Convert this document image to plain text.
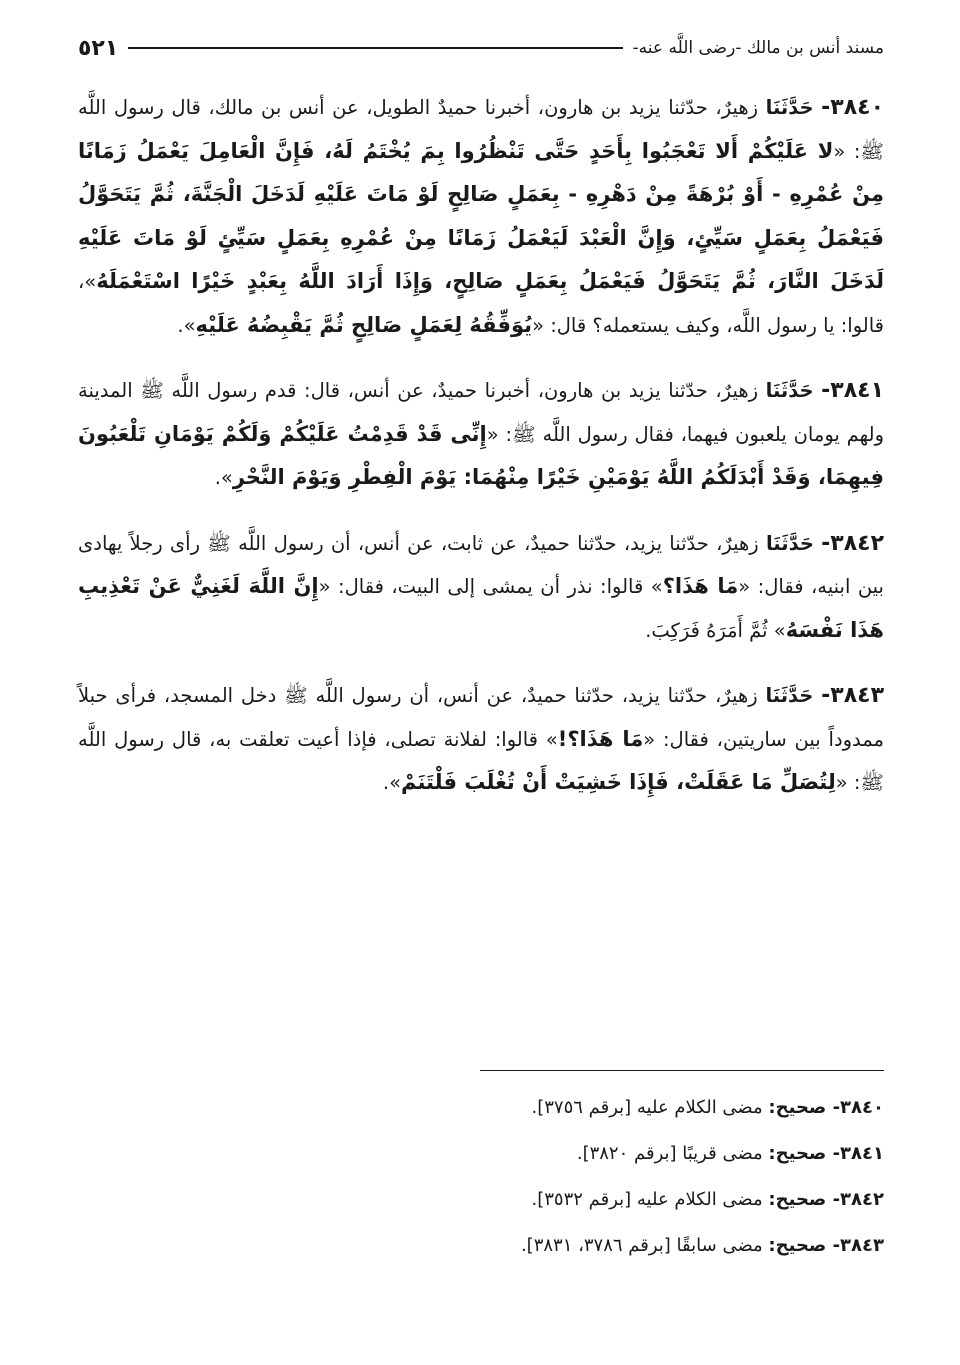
مسند أنس بن مالك -رضى اللَّه عنه-
٥٢١

٣٨٤٠- حَدَّثَنَا زهيرٌ، حدّثنا يزيد بن هارون، أخبرنا حميدٌ الطويل، عن أنس بن مالك، قال رسول اللَّه ﷺ: «لا عَلَيْكُمْ أَلا تَعْجَبُوا بِأَحَدٍ حَتَّى تَنْظُرُوا بِمَ يُخْتَمُ لَهُ، فَإِنَّ الْعَامِلَ يَعْمَلُ زَمَانًا مِنْ عُمْرِهِ - أَوْ بُرْهَةً مِنْ دَهْرِهِ - بِعَمَلٍ صَالِحٍ لَوْ مَاتَ عَلَيْهِ لَدَخَلَ الْجَنَّةَ، ثُمَّ يَتَحَوَّلُ فَيَعْمَلُ بِعَمَلٍ سَيِّئٍ، وَإِنَّ الْعَبْدَ لَيَعْمَلُ زَمَانًا مِنْ عُمْرِهِ بِعَمَلٍ سَيِّئٍ لَوْ مَاتَ عَلَيْهِ لَدَخَلَ النَّارَ، ثُمَّ يَتَحَوَّلُ فَيَعْمَلُ بِعَمَلٍ صَالِحٍ، وَإِذَا أَرَادَ اللَّهُ بِعَبْدٍ خَيْرًا اسْتَعْمَلَهُ»، قالوا: يا رسول اللَّه، وكيف يستعمله؟ قال: «يُوَفِّقُهُ لِعَمَلٍ صَالِحٍ ثُمَّ يَقْبِضُهُ عَلَيْهِ».

٣٨٤١- حَدَّثَنَا زهيرٌ، حدّثنا يزيد بن هارون، أخبرنا حميدٌ، عن أنس، قال: قدم رسول اللَّه ﷺ المدينة ولهم يومان يلعبون فيهما، فقال رسول اللَّه ﷺ: «إِنِّى قَدْ قَدِمْتُ عَلَيْكُمْ وَلَكُمْ يَوْمَانِ تَلْعَبُونَ فِيهِمَا، وَقَدْ أَبْدَلَكُمُ اللَّهُ يَوْمَيْنِ خَيْرًا مِنْهُمَا: يَوْمَ الْفِطْرِ وَيَوْمَ النَّحْرِ».

٣٨٤٢- حَدَّثَنَا زهيرٌ، حدّثنا يزيد، حدّثنا حميدٌ، عن ثابت، عن أنس، أن رسول اللَّه ﷺ رأى رجلاً يهادى بين ابنيه، فقال: «مَا هَذَا؟» قالوا: نذر أن يمشى إلى البيت، فقال: «إِنَّ اللَّهَ لَغَنِيٌّ عَنْ تَعْذِيبِ هَذَا نَفْسَهُ» ثُمَّ أَمَرَهُ فَرَكِبَ.

٣٨٤٣- حَدَّثَنَا زهيرٌ، حدّثنا يزيد، حدّثنا حميدٌ، عن أنس، أن رسول اللَّه ﷺ دخل المسجد، فرأى حبلاً ممدوداً بين ساريتين، فقال: «مَا هَذَا؟!» قالوا: لفلانة تصلى، فإذا أعيت تعلقت به، قال رسول اللَّه ﷺ: «لِتُصَلِّ مَا عَقَلَتْ، فَإِذَا خَشِيَتْ أَنْ تُغْلَبَ فَلْتَنَمْ».

٣٨٤٠- صحيح: مضى الكلام عليه [برقم ٣٧٥٦].
٣٨٤١- صحيح: مضى قريبًا [برقم ٣٨٢٠].
٣٨٤٢- صحيح: مضى الكلام عليه [برقم ٣٥٣٢].
٣٨٤٣- صحيح: مضى سابقًا [برقم ٣٧٨٦، ٣٨٣١].
